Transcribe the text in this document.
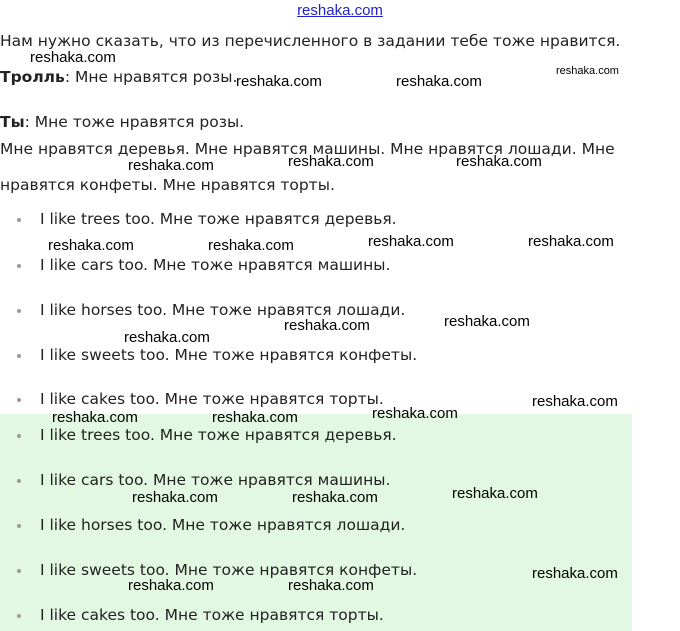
reshaka.com
Нам нужно сказать, что из перечисленного в задании тебе тоже нравится.
Тролль: Мне нравятся розы.
Ты: Мне тоже нравятся розы.
Мне нравятся деревья. Мне нравятся машины. Мне нравятся лошади. Мне
нравятся конфеты. Мне нравятся торты.
I like trees too. Мне тоже нравятся деревья.
I like cars too. Мне тоже нравятся машины.
I like horses too. Мне тоже нравятся лошади.
I like sweets too. Мне тоже нравятся конфеты.
I like cakes too. Мне тоже нравятся торты.
I like trees too. Мне тоже нравятся деревья.
I like cars too. Мне тоже нравятся машины.
I like horses too. Мне тоже нравятся лошади.
I like sweets too. Мне тоже нравятся конфеты.
I like cakes too. Мне тоже нравятся торты.
reshaka.com
reshaka.com	reshaka.com
reshaka.com
reshaka.com	reshaka.com	reshaka.com
reshaka.com	reshaka.com	reshaka.com	reshaka.com
reshaka.com
reshaka.com	reshaka.com
reshaka.com	reshaka.com	reshaka.com
reshaka.com
reshaka.com	reshaka.com	reshaka.com
reshaka.com	reshaka.com
reshaka.com
